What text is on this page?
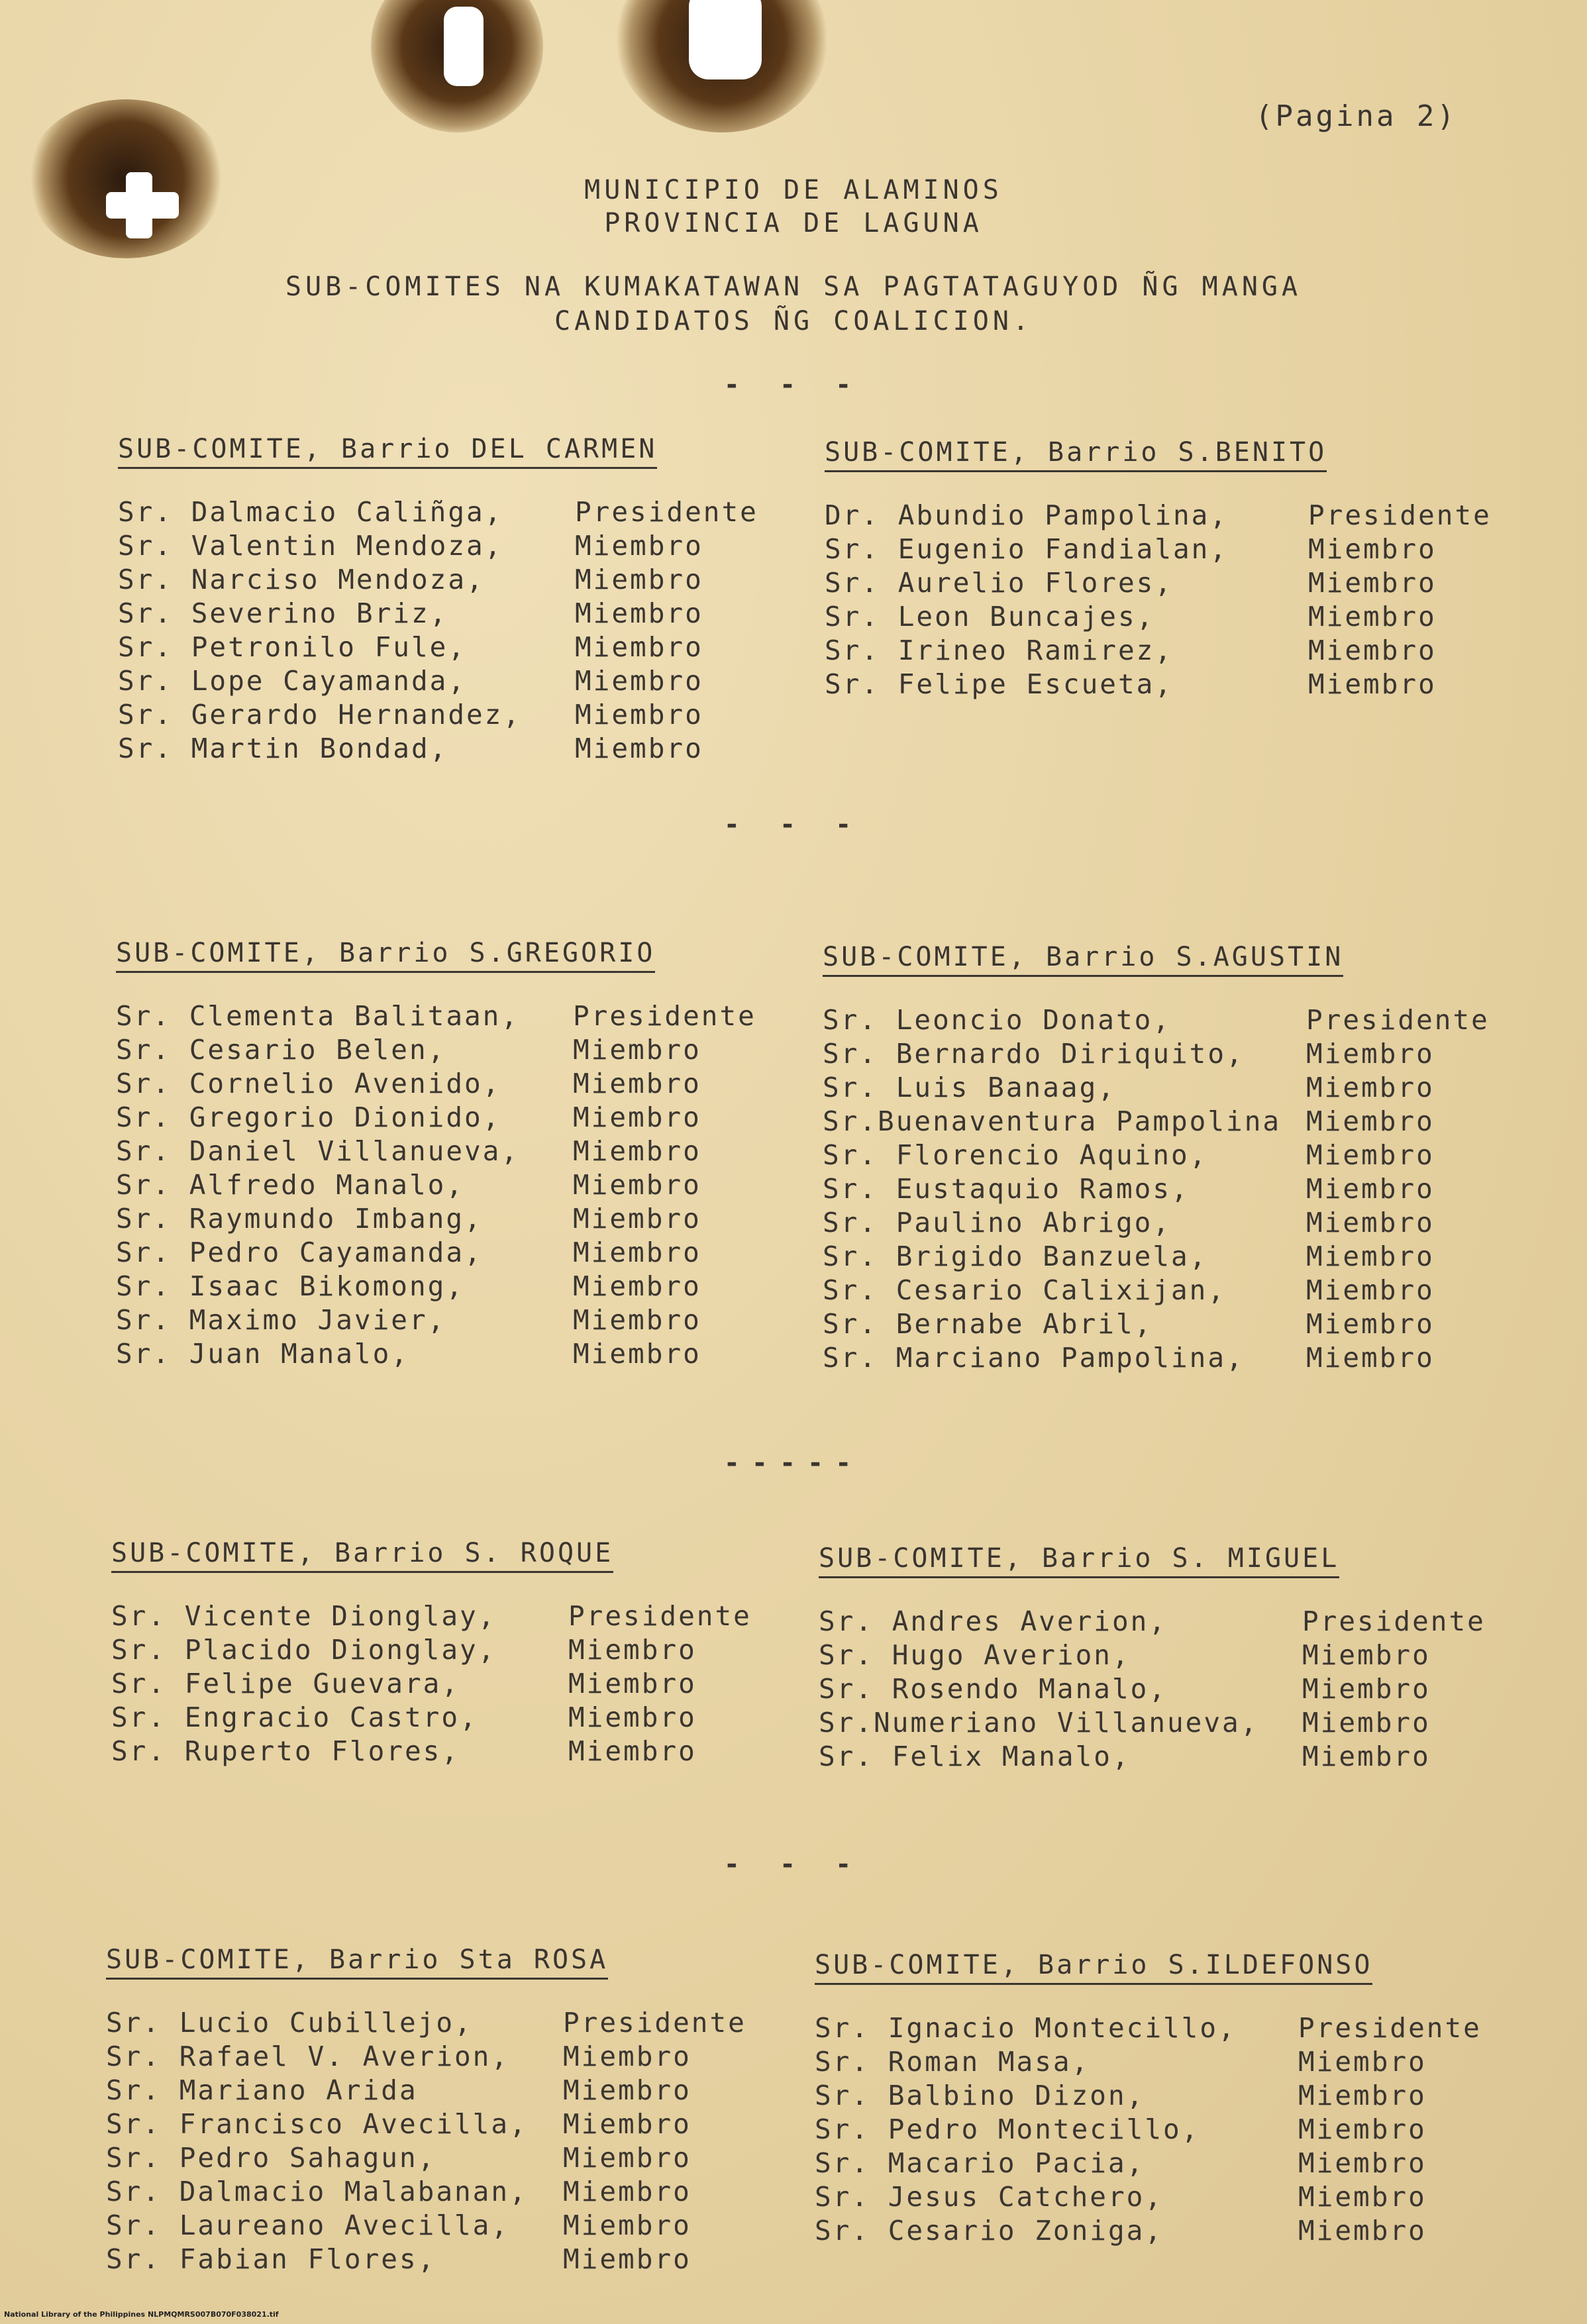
(Pagina 2)
MUNICIPIO DE ALAMINOS
PROVINCIA DE LAGUNA
SUB-COMITES NA KUMAKATAWAN SA PAGTATAGUYOD ÑG MANGA
CANDIDATOS ÑG COALICION.
- - -
- - -
-----
- - -
SUB-COMITE, Barrio DEL CARMEN
Sr. Dalmacio Caliñga,	Presidente
Sr. Valentin Mendoza,	Miembro
Sr. Narciso Mendoza,	Miembro
Sr. Severino Briz,	Miembro
Sr. Petronilo Fule,	Miembro
Sr. Lope Cayamanda,	Miembro
Sr. Gerardo Hernandez, Miembro
Sr. Martin Bondad,	Miembro
SUB-COMITE, Barrio S.BENITO
Dr. Abundio Pampolina,	Presidente
Sr. Eugenio Fandialan,	Miembro
Sr. Aurelio Flores,	Miembro
Sr. Leon Buncajes,	Miembro
Sr. Irineo Ramirez,	Miembro
Sr. Felipe Escueta,	Miembro
SUB-COMITE, Barrio S.GREGORIO
Sr. Clementa Balitaan, Presidente
Sr. Cesario Belen,	Miembro
Sr. Cornelio Avenido,	Miembro
Sr. Gregorio Dionido,	Miembro
Sr. Daniel Villanueva, Miembro
Sr. Alfredo Manalo,	Miembro
Sr. Raymundo Imbang,	Miembro
Sr. Pedro Cayamanda,	Miembro
Sr. Isaac Bikomong,	Miembro
Sr. Maximo Javier,	Miembro
Sr. Juan Manalo,	Miembro
SUB-COMITE, Barrio S.AGUSTIN
Sr. Leoncio Donato,	Presidente
Sr. Bernardo Diriquito, Miembro
Sr. Luis Banaag,	Miembro
Sr.Buenaventura Pampolina Miembro
Sr. Florencio Aquino,	Miembro
Sr. Eustaquio Ramos,	Miembro
Sr. Paulino Abrigo,	Miembro
Sr. Brigido Banzuela,	Miembro
Sr. Cesario Calixijan,	Miembro
Sr. Bernabe Abril,	Miembro
Sr. Marciano Pampolina, Miembro
SUB-COMITE, Barrio S. ROQUE
Sr. Vicente Dionglay,	Presidente
Sr. Placido Dionglay,	Miembro
Sr. Felipe Guevara,	Miembro
Sr. Engracio Castro,	Miembro
Sr. Ruperto Flores,	Miembro
SUB-COMITE, Barrio S. MIGUEL
Sr. Andres Averion,	Presidente
Sr. Hugo Averion,	Miembro
Sr. Rosendo Manalo,	Miembro
Sr.Numeriano Villanueva, Miembro
Sr. Felix Manalo,	Miembro
SUB-COMITE, Barrio Sta ROSA
Sr. Lucio Cubillejo,	Presidente
Sr. Rafael V. Averion, Miembro
Sr. Mariano Arida	Miembro
Sr. Francisco Avecilla, Miembro
Sr. Pedro Sahagun,	Miembro
Sr. Dalmacio Malabanan, Miembro
Sr. Laureano Avecilla, Miembro
Sr. Fabian Flores,	Miembro
SUB-COMITE, Barrio S.ILDEFONSO
Sr. Ignacio Montecillo, Presidente
Sr. Roman Masa,	Miembro
Sr. Balbino Dizon,	Miembro
Sr. Pedro Montecillo,	Miembro
Sr. Macario Pacia,	Miembro
Sr. Jesus Catchero,	Miembro
Sr. Cesario Zoniga,	Miembro
National Library of the Philippines NLPMQMRS007B070F038021.tif
